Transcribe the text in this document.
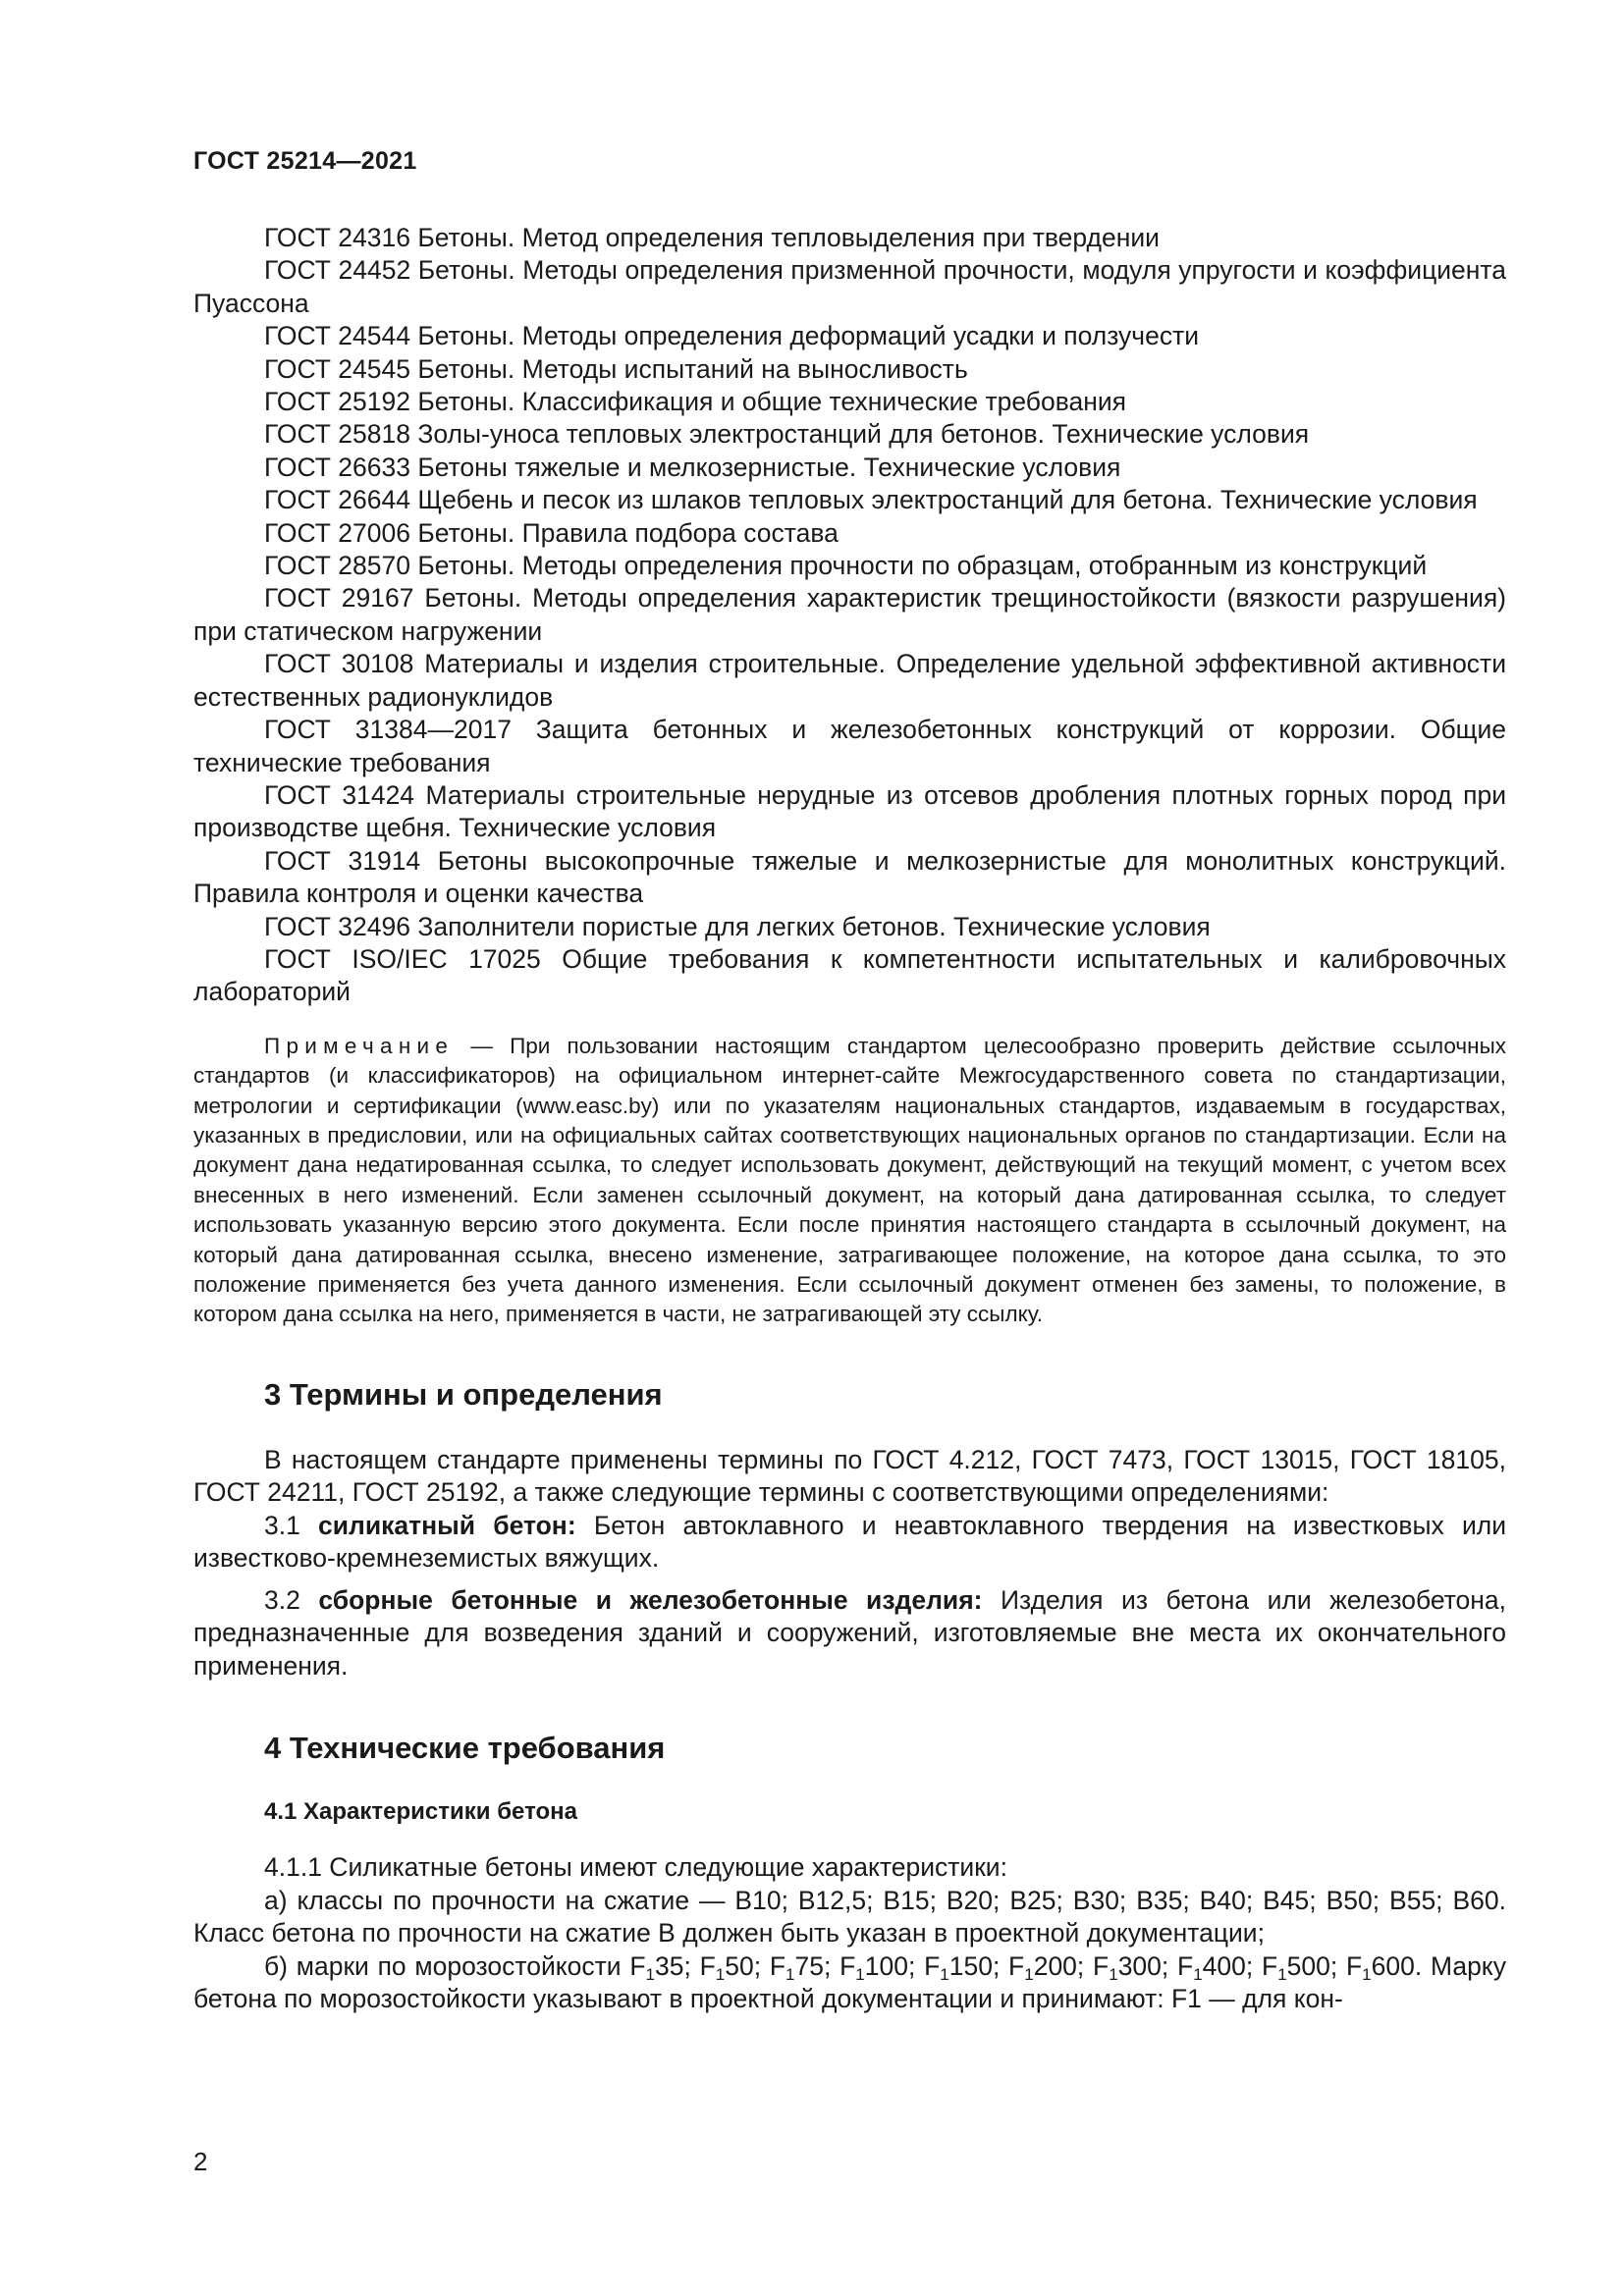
ГОСТ 25214—2021

ГОСТ 24316 Бетоны. Метод определения тепловыделения при твердении

ГОСТ 24452 Бетоны. Методы определения призменной прочности, модуля упругости и коэффициента Пуассона

ГОСТ 24544 Бетоны. Методы определения деформаций усадки и ползучести

ГОСТ 24545 Бетоны. Методы испытаний на выносливость

ГОСТ 25192 Бетоны. Классификация и общие технические требования

ГОСТ 25818 Золы-уноса тепловых электростанций для бетонов. Технические условия

ГОСТ 26633 Бетоны тяжелые и мелкозернистые. Технические условия

ГОСТ 26644 Щебень и песок из шлаков тепловых электростанций для бетона. Технические условия

ГОСТ 27006 Бетоны. Правила подбора состава

ГОСТ 28570 Бетоны. Методы определения прочности по образцам, отобранным из конструкций

ГОСТ 29167 Бетоны. Методы определения характеристик трещиностойкости (вязкости разрушения) при статическом нагружении

ГОСТ 30108 Материалы и изделия строительные. Определение удельной эффективной активности естественных радионуклидов

ГОСТ 31384—2017 Защита бетонных и железобетонных конструкций от коррозии. Общие технические требования

ГОСТ 31424 Материалы строительные нерудные из отсевов дробления плотных горных пород при производстве щебня. Технические условия

ГОСТ 31914 Бетоны высокопрочные тяжелые и мелкозернистые для монолитных конструкций. Правила контроля и оценки качества

ГОСТ 32496 Заполнители пористые для легких бетонов. Технические условия

ГОСТ ISO/IEC 17025 Общие требования к компетентности испытательных и калибровочных лабораторий

Примечание — При пользовании настоящим стандартом целесообразно проверить действие ссылочных стандартов (и классификаторов) на официальном интернет-сайте Межгосударственного совета по стандартизации, метрологии и сертификации (www.easc.by) или по указателям национальных стандартов, издаваемым в государствах, указанных в предисловии, или на официальных сайтах соответствующих национальных органов по стандартизации. Если на документ дана недатированная ссылка, то следует использовать документ, действующий на текущий момент, с учетом всех внесенных в него изменений. Если заменен ссылочный документ, на который дана датированная ссылка, то следует использовать указанную версию этого документа. Если после принятия настоящего стандарта в ссылочный документ, на который дана датированная ссылка, внесено изменение, затрагивающее положение, на которое дана ссылка, то это положение применяется без учета данного изменения. Если ссылочный документ отменен без замены, то положение, в котором дана ссылка на него, применяется в части, не затрагивающей эту ссылку.

3 Термины и определения

В настоящем стандарте применены термины по ГОСТ 4.212, ГОСТ 7473, ГОСТ 13015, ГОСТ 18105, ГОСТ 24211, ГОСТ 25192, а также следующие термины с соответствующими определениями:

3.1 силикатный бетон: Бетон автоклавного и неавтоклавного твердения на известковых или известково-кремнеземистых вяжущих.

3.2 сборные бетонные и железобетонные изделия: Изделия из бетона или железобетона, предназначенные для возведения зданий и сооружений, изготовляемые вне места их окончательного применения.

4 Технические требования
4.1 Характеристики бетона

4.1.1 Силикатные бетоны имеют следующие характеристики:

а) классы по прочности на сжатие — B10; B12,5; B15; B20; B25; B30; B35; B40; B45; B50; B55; B60. Класс бетона по прочности на сжатие B должен быть указан в проектной документации;

б) марки по морозостойкости $F_135$; $F_150$; $F_175$; $F_1100$; $F_1150$; $F_1200$; $F_1300$; $F_1400$; $F_1500$; $F_1600$. Марку бетона по морозостойкости указывают в проектной документации и принимают: F1 — для кон-

2
